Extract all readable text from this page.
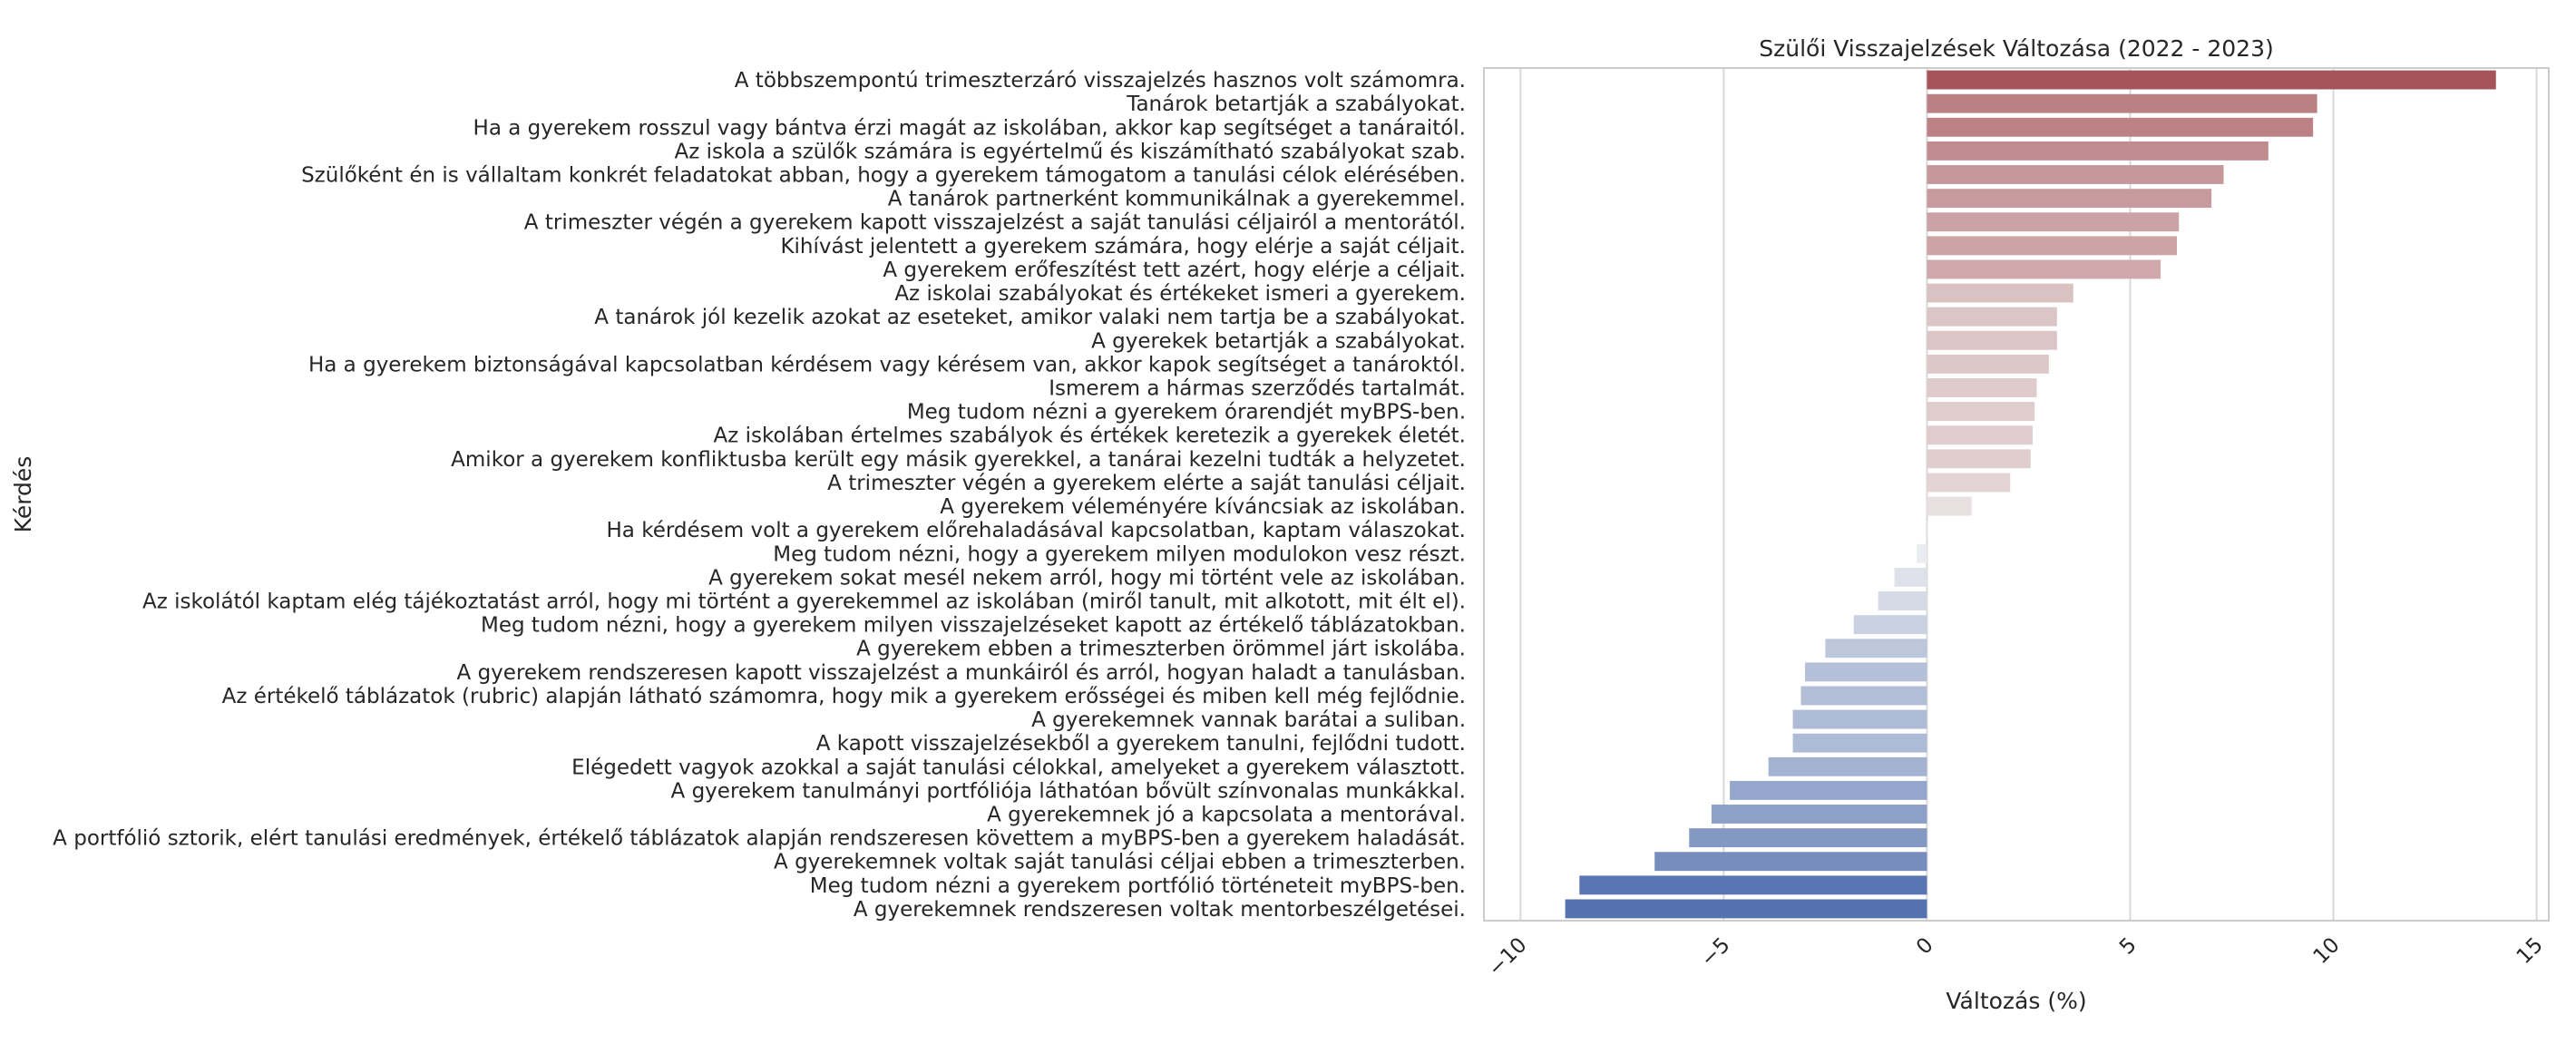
A többszempontú trimeszterzáró visszajelzés hasznos volt számomra.
Tanárok betartják a szabályokat.
Ha a gyerekem rosszul vagy bántva érzi magát az iskolában, akkor kap segítséget a tanáraitól.
Az iskola a szülők számára is egyértelmű és kiszámítható szabályokat szab.
Szülőként én is vállaltam konkrét feladatokat abban, hogy a gyerekem támogatom a tanulási célok elérésében.
A tanárok partnerként kommunikálnak a gyerekemmel.
A trimeszter végén a gyerekem kapott visszajelzést a saját tanulási céljairól a mentorától.
Kihívást jelentett a gyerekem számára, hogy elérje a saját céljait.
A gyerekem erőfeszítést tett azért, hogy elérje a céljait.
Az iskolai szabályokat és értékeket ismeri a gyerekem.
A tanárok jól kezelik azokat az eseteket, amikor valaki nem tartja be a szabályokat.
A gyerekek betartják a szabályokat.
Ha a gyerekem biztonságával kapcsolatban kérdésem vagy kérésem van, akkor kapok segítséget a tanároktól.
Ismerem a hármas szerződés tartalmát.
Meg tudom nézni a gyerekem órarendjét myBPS-ben.
Az iskolában értelmes szabályok és értékek keretezik a gyerekek életét.
Amikor a gyerekem konfliktusba került egy másik gyerekkel, a tanárai kezelni tudták a helyzetet.
A trimeszter végén a gyerekem elérte a saját tanulási céljait.
A gyerekem véleményére kíváncsiak az iskolában.
Ha kérdésem volt a gyerekem előrehaladásával kapcsolatban, kaptam válaszokat.
Meg tudom nézni, hogy a gyerekem milyen modulokon vesz részt.
A gyerekem sokat mesél nekem arról, hogy mi történt vele az iskolában.
Az iskolától kaptam elég tájékoztatást arról, hogy mi történt a gyerekemmel az iskolában (miről tanult, mit alkotott, mit élt el).
Meg tudom nézni, hogy a gyerekem milyen visszajelzéseket kapott az értékelő táblázatokban.
A gyerekem ebben a trimeszterben örömmel járt iskolába.
A gyerekem rendszeresen kapott visszajelzést a munkáiról és arról, hogyan haladt a tanulásban.
Az értékelő táblázatok (rubric) alapján látható számomra, hogy mik a gyerekem erősségei és miben kell még fejlődnie.
A gyerekemnek vannak barátai a suliban.
A kapott visszajelzésekből a gyerekem tanulni, fejlődni tudott.
Elégedett vagyok azokkal a saját tanulási célokkal, amelyeket a gyerekem választott.
A gyerekem tanulmányi portfóliója láthatóan bővült színvonalas munkákkal.
A gyerekemnek jó a kapcsolata a mentorával.
A portfólió sztorik, elért tanulási eredmények, értékelő táblázatok alapján rendszeresen követtem a myBPS-ben a gyerekem haladását.
A gyerekemnek voltak saját tanulási céljai ebben a trimeszterben.
Meg tudom nézni a gyerekem portfólió történeteit myBPS-ben.
A gyerekemnek rendszeresen voltak mentorbeszélgetései.
−10	−5	0	5	10	15
Szülői Visszajelzések Változása (2022 - 2023)
Változás (%)
Kérdés
